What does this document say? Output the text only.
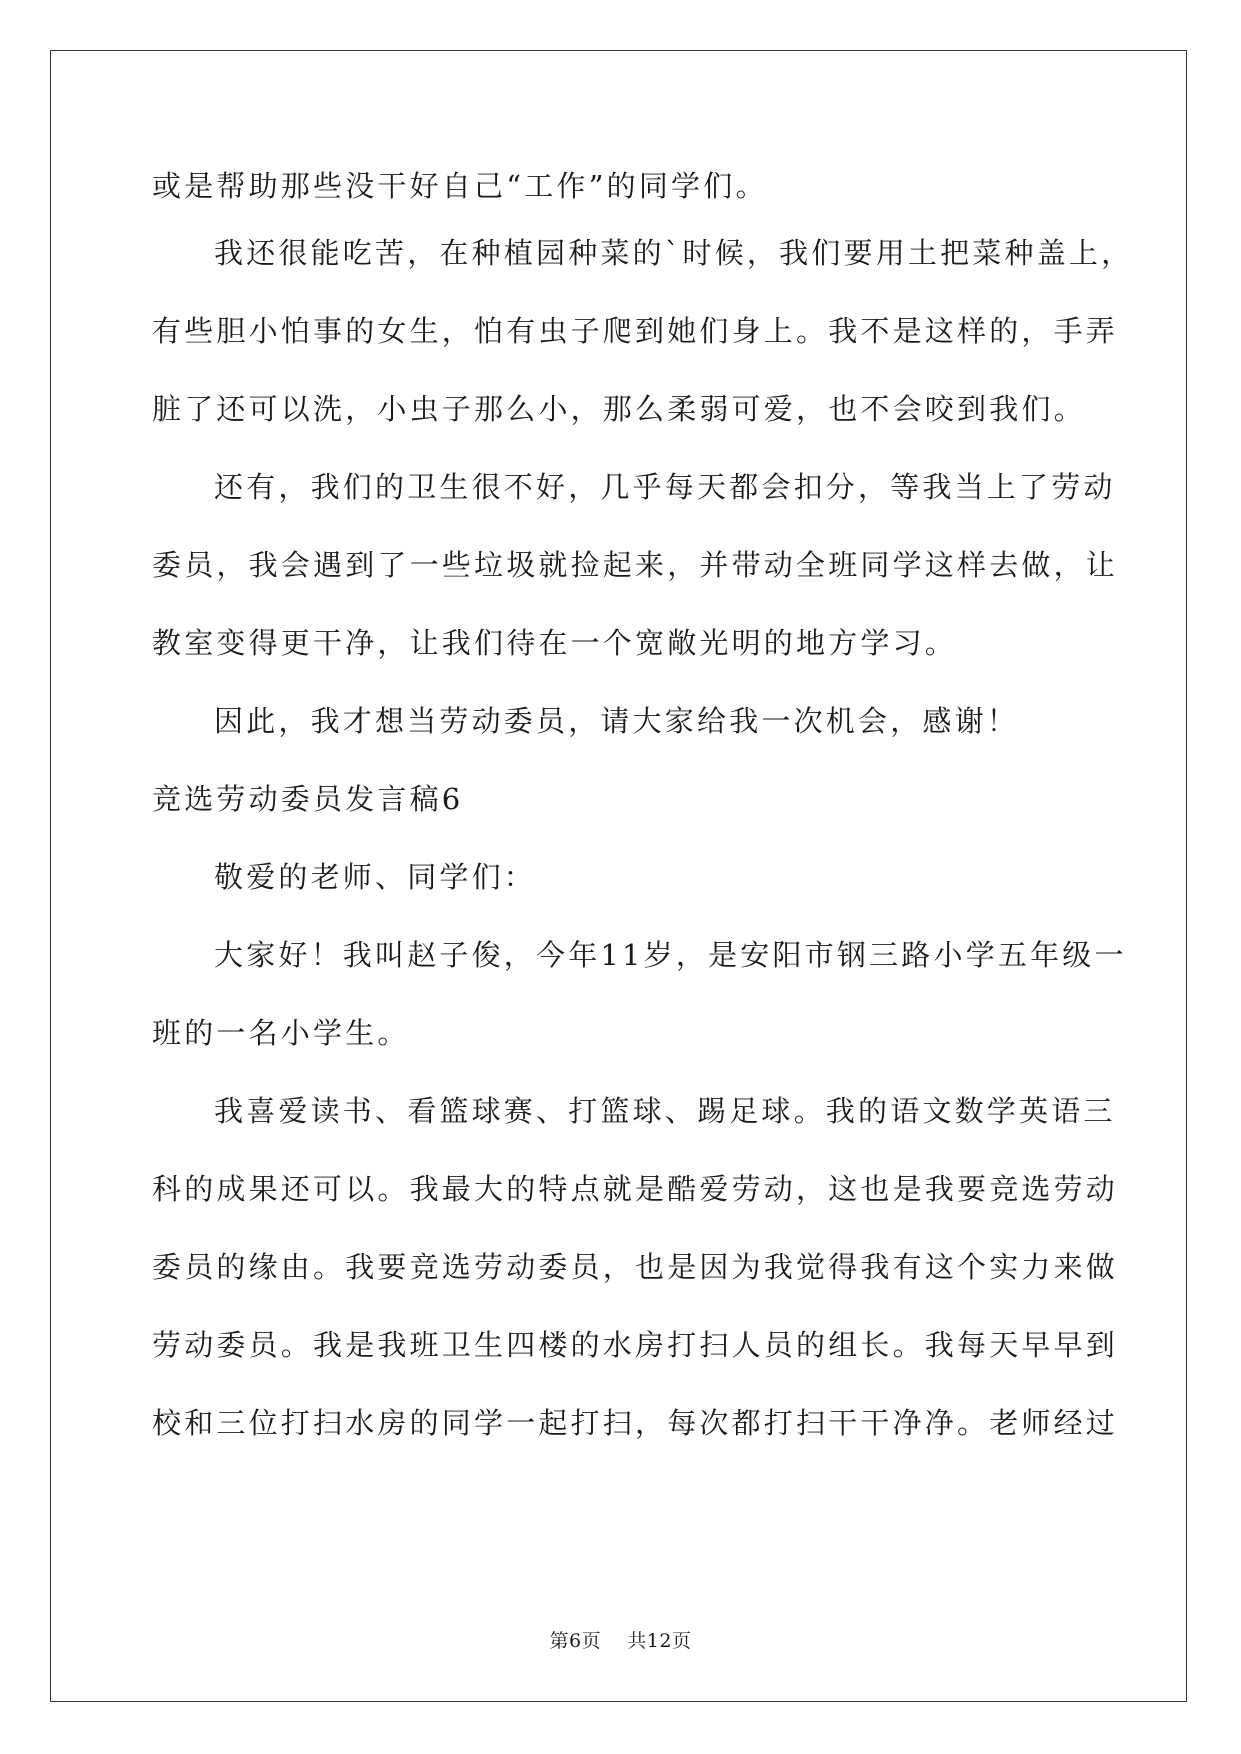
或是帮助那些没干好自己“工作”的同学们。
我还很能吃苦，在种植园种菜的`时候，我们要用土把菜种盖上，
有些胆小怕事的女生，怕有虫子爬到她们身上。我不是这样的，手弄
脏了还可以洗，小虫子那么小，那么柔弱可爱，也不会咬到我们。
还有，我们的卫生很不好，几乎每天都会扣分，等我当上了劳动
委员，我会遇到了一些垃圾就捡起来，并带动全班同学这样去做，让
教室变得更干净，让我们待在一个宽敞光明的地方学习。
因此，我才想当劳动委员，请大家给我一次机会，感谢！
竞选劳动委员发言稿6
敬爱的老师、同学们：
大家好！我叫赵子俊，今年11岁，是安阳市钢三路小学五年级一
班的一名小学生。
我喜爱读书、看篮球赛、打篮球、踢足球。我的语文数学英语三
科的成果还可以。我最大的特点就是酷爱劳动，这也是我要竞选劳动
委员的缘由。我要竞选劳动委员，也是因为我觉得我有这个实力来做
劳动委员。我是我班卫生四楼的水房打扫人员的组长。我每天早早到
校和三位打扫水房的同学一起打扫，每次都打扫干干净净。老师经过
第6页 共12页
